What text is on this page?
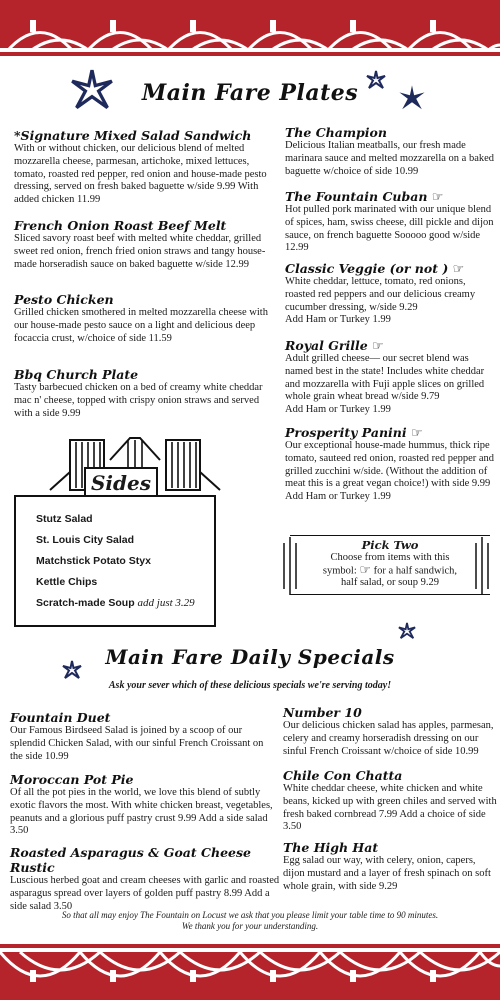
Main Fare Plates
*Signature Mixed Salad Sandwich

With or without chicken, our delicious blend of melted mozzarella cheese, parmesan, artichoke, mixed lettuces, tomato, roasted red pepper, red onion and house-made pesto dressing, served on fresh baked baguette w/side 9.99 With added chicken 11.99

French Onion Roast Beef Melt

Sliced savory roast beef with melted white cheddar, grilled sweet red onion, french fried onion straws and tangy house-made horseradish sauce on baked baguette w/side 12.99

Pesto Chicken

Grilled chicken smothered in melted mozzarella cheese with our house-made pesto sauce on a light and delicious deep focaccia crust, w/choice of side 11.59

Bbq Church Plate

Tasty barbecued chicken on a bed of creamy white cheddar mac n' cheese, topped with crispy onion straws and served with a side 9.99

Stutz Salad
St. Louis City Salad
Matchstick Potato Styx
Kettle Chips
Scratch-made Soup add just 3.29
Sides
The Champion

Delicious Italian meatballs, our fresh made marinara sauce and melted mozzarella on a baked baguette w/choice of side 10.99

The Fountain Cuban ☞

Hot pulled pork marinated with our unique blend of spices, ham, swiss cheese, dill pickle and dijon sauce, on french baguette Sooooo good w/side 12.99

Classic Veggie (or not ) ☞

White cheddar, lettuce, tomato, red onions, roasted red peppers and our delicious creamy cucumber dressing, w/side 9.29

Add Ham or Turkey 1.99

Royal Grille ☞

Adult grilled cheese— our secret blend was named best in the state! Includes white cheddar and mozzarella with Fuji apple slices on grilled whole grain wheat bread w/side 9.79

Add Ham or Turkey 1.99

Prosperity Panini ☞

Our exceptional house-made hummus, thick ripe tomato, sauteed red onion, roasted red pepper and grilled zucchini w/side. (Without the addition of meat this is a great vegan choice!) with side 9.99

Add Ham or Turkey 1.99

Pick Two
Choose from items with this
symbol: ☞ for a half sandwich,
half salad, or soup 9.29
Main Fare Daily Specials
Ask your sever which of these delicious specials we're serving today!
Fountain Duet

Our Famous Birdseed Salad is joined by a scoop of our splendid Chicken Salad, with our sinful French Croissant on the side 10.99

Moroccan Pot Pie

Of all the pot pies in the world, we love this blend of subtly exotic flavors the most. With white chicken breast, vegetables, peanuts and a glorious puff pastry crust 9.99 Add a side salad 3.50

Roasted Asparagus & Goat Cheese Rustic

Luscious herbed goat and cream cheeses with garlic and roasted asparagus spread over layers of golden puff pastry 8.99 Add a side salad 3.50

Number 10

Our delicious chicken salad has apples, parmesan, celery and creamy horseradish dressing on our sinful French Croissant w/choice of side 10.99

Chile Con Chatta

White cheddar cheese, white chicken and white beans, kicked up with green chiles and served with fresh baked cornbread 7.99 Add a choice of side 3.50

The High Hat

Egg salad our way, with celery, onion, capers, dijon mustard and a layer of fresh spinach on soft whole grain, with side 9.29

So that all may enjoy The Fountain on Locust we ask that you please limit your table time to 90 minutes.
We thank you for your understanding.
